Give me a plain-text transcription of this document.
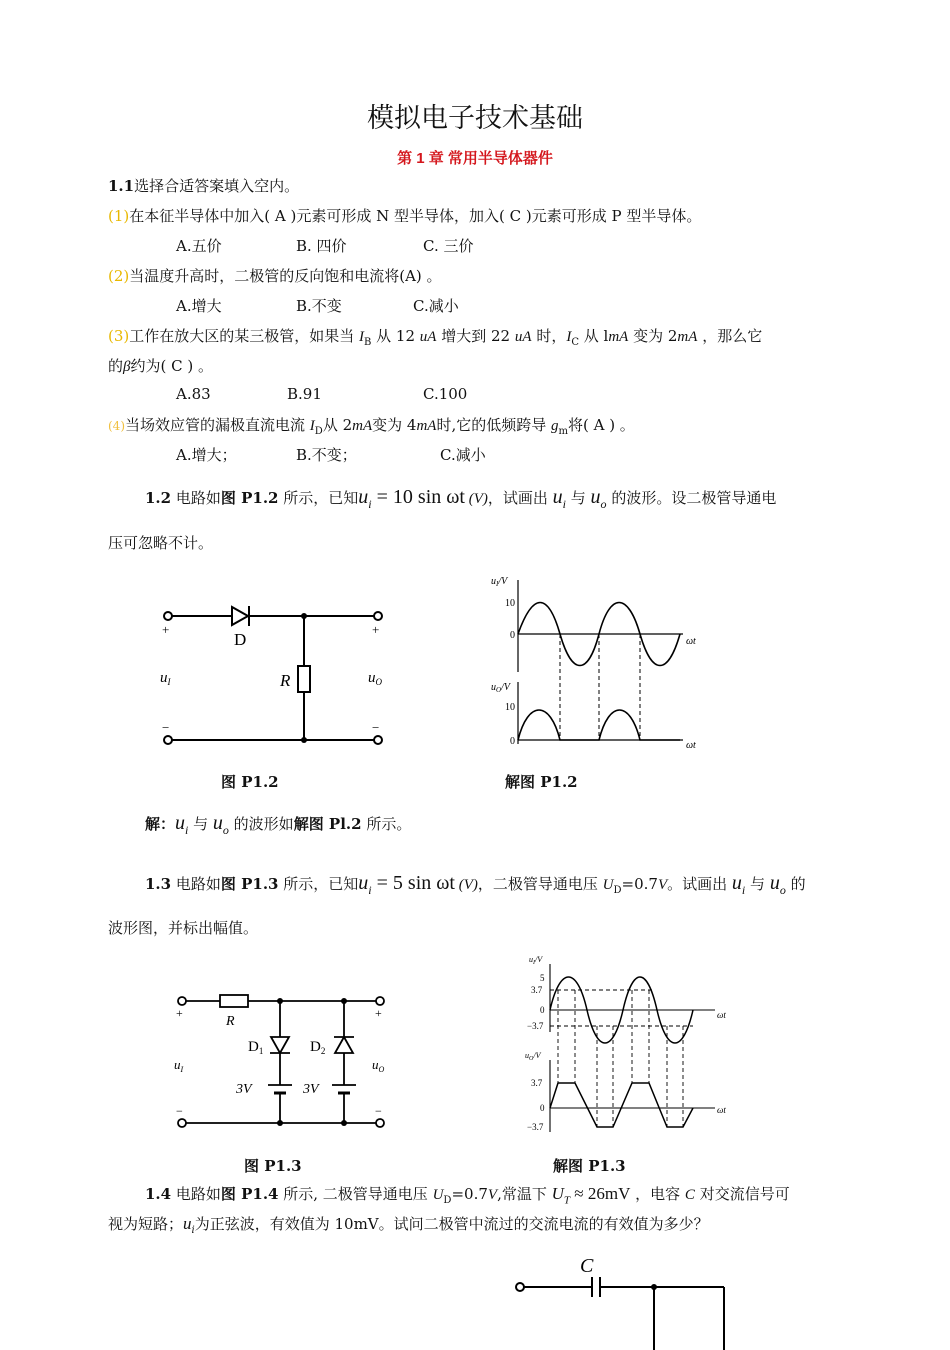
模拟电子技术基础
第 1 章 常用半导体器件
1.1选择合适答案填入空内。
(1)在本征半导体中加入( A )元素可形成 N 型半导体，加入( C )元素可形成 P 型半导体。
A.五价	B. 四价	C. 三价
(2)当温度升高时，二极管的反向饱和电流将(A) 。
A.增大	B.不变	C.减小
(3)工作在放大区的某三极管，如果当 $I_B$ 从 12 uA 增大到 22 uA 时，$I_C$ 从 lmA 变为 2mA ，那么它
的β约为( C ) 。
A.83	B.91	C.100
(4)当场效应管的漏极直流电流 $I_D$从 2mA变为 4mA时,它的低频跨导 $g_m$将( A ) 。
A.增大；	B.不变；	C.减小
1.2 电路如图 P1.2 所示，已知$u_i = 10$ sin ωt (V)，试画出 $u_i$ 与 $u_o$ 的波形。设二极管导通电
压可忽略不计。
+
−
+
−
D
R
$u_I$	$u_O$
$u_I/V$
10
0
ωt
$u_O/V$
10
0	ωt
图 P1.2	解图 P1.2
解：$u_i$ 与 $u_o$ 的波形如解图 Pl.2 所示。
1.3 电路如图 P1.3 所示，已知$u_i = 5$ sin ωt (V)，二极管导通电压 $U_D=0.7V$。试画出 $u_i$ 与 $u_o$ 的
波形图，并标出幅值。
+
−
+
−
R
$D_1$	$D_2$
3V	3V
$u_I$	$u_O$
$u_I/V$
5
3.7
0
−3.7
ωt
$u_O/V$
3.7
0
−3.7
ωt
图 P1.3	解图 P1.3
1.4 电路如图 P1.4 所示, 二极管导通电压 $U_D=0.7V$,常温下 $U_T \approx 26mV$ ，电容 C 对交流信号可
视为短路；$u_i$为正弦波，有效值为 10mV。试问二极管中流过的交流电流的有效值为多少？
C
